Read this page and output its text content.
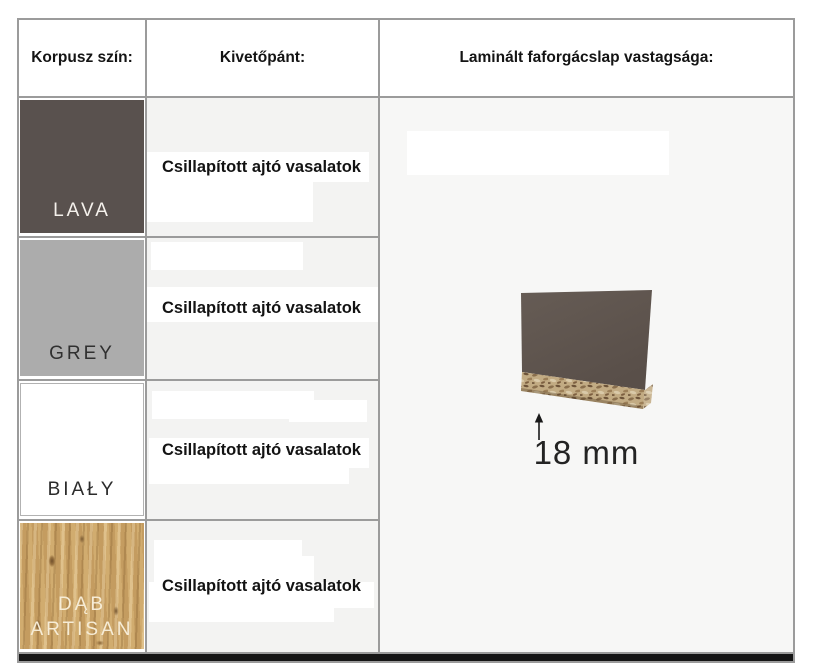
Korpusz szín:	Kivetőpánt:	Laminált faforgácslap vastagsága:
LAVA
GREY
BIAŁY
DĄB ARTISAN
Csillapított ajtó vasalatok
Csillapított ajtó vasalatok
Csillapított ajtó vasalatok
Csillapított ajtó vasalatok
18 mm
